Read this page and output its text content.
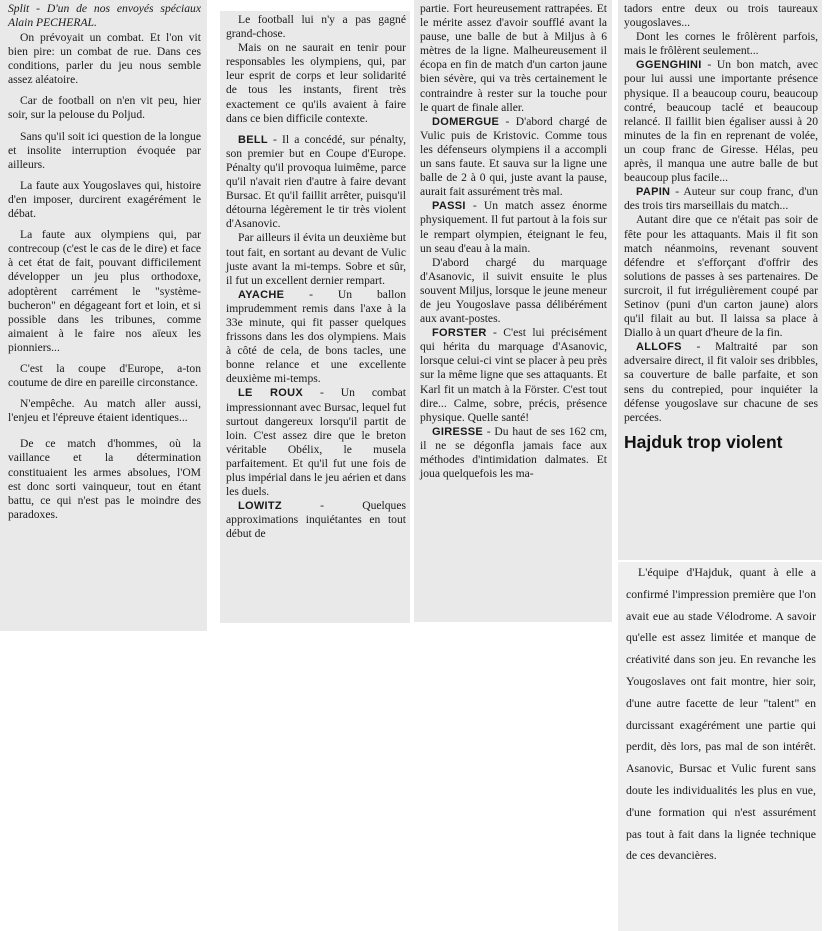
Split - D'un de nos envoyés spéciaux Alain PECHERAL.

On prévoyait un combat. Et l'on vit bien pire: un combat de rue. Dans ces conditions, parler du jeu nous semble assez aléatoire.

Car de football on n'en vit peu, hier soir, sur la pelouse du Poljud.

Sans qu'il soit ici question de la longue et insolite interruption évoquée par ailleurs.

La faute aux Yougoslaves qui, histoire d'en imposer, durcirent exagérément le débat.

La faute aux olympiens qui, par contrecoup (c'est le cas de le dire) et face à cet état de fait, pouvant difficilement développer un jeu plus orthodoxe, adoptèrent carrément le "système-bucheron" en dégageant fort et loin, et si possible dans les tribunes, comme aimaient à le faire nos aïeux les pionniers...

C'est la coupe d'Europe, a-ton coutume de dire en pareille circonstance.

N'empêche. Au match aller aussi, l'enjeu et l'épreuve étaient identiques...

De ce match d'hommes, où la vaillance et la détermination constituaient les armes absolues, l'OM est donc sorti vainqueur, tout en étant battu, ce qui n'est pas le moindre des paradoxes.

Le football lui n'y a pas gagné grand-chose.

Mais on ne saurait en tenir pour responsables les olympiens, qui, par leur esprit de corps et leur solidarité de tous les instants, firent très exactement ce qu'ils avaient à faire dans ce bien difficile contexte.

BELL - Il a concédé, sur pénalty, son premier but en Coupe d'Europe. Pénalty qu'il provoqua luimême, parce qu'il n'avait rien d'autre à faire devant Bursac. Et qu'il faillit arrêter, puisqu'il détourna légèrement le tir très violent d'Asanovic.

Par ailleurs il évita un deuxième but tout fait, en sortant au devant de Vulic juste avant la mi-temps. Sobre et sûr, il fut un excellent dernier rempart.

AYACHE - Un ballon imprudemment remis dans l'axe à la 33e minute, qui fit passer quelques frissons dans les dos olympiens. Mais à côté de cela, de bons tacles, une bonne relance et une excellente deuxième mi-temps.

LE ROUX - Un combat impressionnant avec Bursac, lequel fut surtout dangereux lorsqu'il partit de loin. C'est assez dire que le breton véritable Obélix, le musela parfaitement. Et qu'il fut une fois de plus impérial dans le jeu aérien et dans les duels.

LOWITZ - Quelques approximations inquiétantes en tout début de

partie. Fort heureusement rattrapées. Et le mérite assez d'avoir soufflé avant la pause, une balle de but à Miljus à 6 mètres de la ligne. Malheureusement il écopa en fin de match d'un carton jaune bien sévère, qui va très certainement le contraindre à rester sur la touche pour le quart de finale aller.

DOMERGUE - D'abord chargé de Vulic puis de Kristovic. Comme tous les défenseurs olympiens il a accompli un sans faute. Et sauva sur la ligne une balle de 2 à 0 qui, juste avant la pause, aurait fait assurément très mal.

PASSI - Un match assez énorme physiquement. Il fut partout à la fois sur le rempart olympien, éteignant le feu, un seau d'eau à la main.

D'abord chargé du marquage d'Asanovic, il suivit ensuite le plus souvent Miljus, lorsque le jeune meneur de jeu Yougoslave passa délibérément aux avant-postes.

FORSTER - C'est lui précisément qui hérita du marquage d'Asanovic, lorsque celui-ci vint se placer à peu près sur la même ligne que ses attaquants. Et Karl fit un match à la Förster. C'est tout dire... Calme, sobre, précis, présence physique. Quelle santé!

GIRESSE - Du haut de ses 162 cm, il ne se dégonfla jamais face aux méthodes d'intimidation dalmates. Et joua quelquefois les ma-

tadors entre deux ou trois taureaux yougoslaves...

Dont les cornes le frôlèrent parfois, mais le frôlèrent seulement...

GGENGHINI - Un bon match, avec pour lui aussi une importante présence physique. Il a beaucoup couru, beaucoup contré, beaucoup taclé et beaucoup relancé. Il faillit bien égaliser aussi à 20 minutes de la fin en reprenant de volée, un coup franc de Giresse. Hélas, peu après, il manqua une autre balle de but beaucoup plus facile...

PAPIN - Auteur sur coup franc, d'un des trois tirs marseillais du match...

Autant dire que ce n'était pas soir de fête pour les attaquants. Mais il fit son match néanmoins, revenant souvent défendre et s'efforçant d'offrir des solutions de passes à ses partenaires. De surcroit, il fut irrégulièrement coupé par Setinov (puni d'un carton jaune) alors qu'il filait au but. Il laissa sa place à Diallo à un quart d'heure de la fin.

ALLOFS - Maltraité par son adversaire direct, il fit valoir ses dribbles, sa couverture de balle parfaite, et son sens du contrepied, pour inquiéter la défense yougoslave sur chacune de ses percées.

Hajduk trop violent

L'équipe d'Hajduk, quant à elle a confirmé l'impression première que l'on avait eue au stade Vélodrome. A savoir qu'elle est assez limitée et manque de créativité dans son jeu. En revanche les Yougoslaves ont fait montre, hier soir, d'une autre facette de leur "talent" en durcissant exagérément une partie qui perdit, dès lors, pas mal de son intérêt. Asanovic, Bursac et Vulic furent sans doute les individualités les plus en vue, d'une formation qui n'est assurément pas tout à fait dans la lignée technique de ces devancières.
